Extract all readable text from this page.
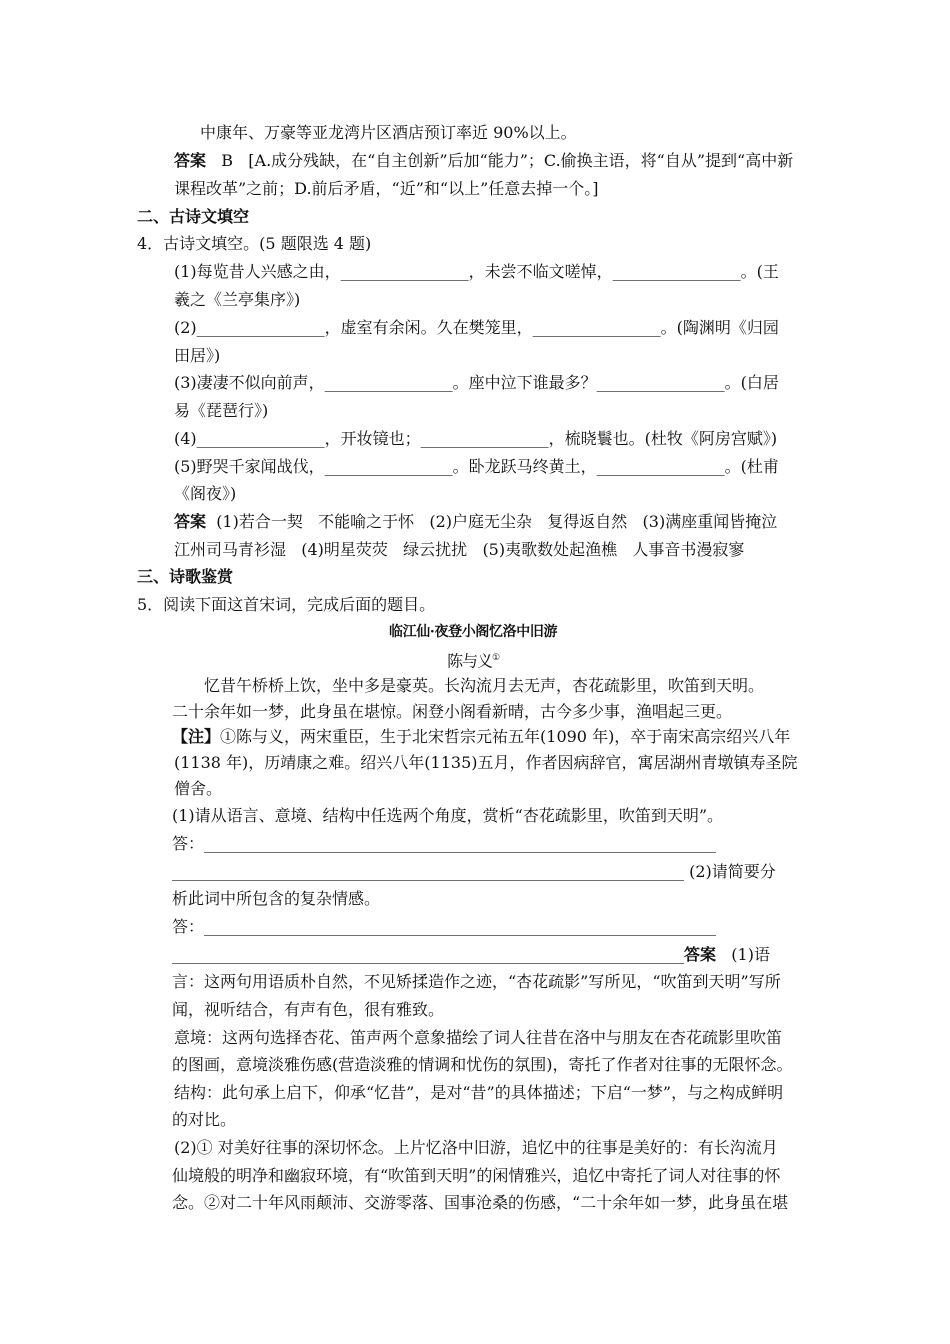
中康年、万豪等亚龙湾片区酒店预订率近 90%以上。
答案   B   [A.成分残缺，在“自主创新”后加“能力”；C.偷换主语，将“自从”提到“高中新
课程改革”之前；D.前后矛盾，“近”和“以上”任意去掉一个。]
二、古诗文填空
4．古诗文填空。(5 题限选 4 题)
(1)每览昔人兴感之由，________________，未尝不临文嗟悼，________________。(王
羲之《兰亭集序》)
(2)________________，虚室有余闲。久在樊笼里，________________。(陶渊明《归园
田居》)
(3)凄凄不似向前声，________________。座中泣下谁最多？________________。(白居
易《琵琶行》)
(4)________________，开妆镜也；________________，梳晓鬟也。(杜牧《阿房宫赋》)
(5)野哭千家闻战伐，________________。卧龙跃马终黄土，________________。(杜甫
《阁夜》)
答案  (1)若合一契   不能喻之于怀   (2)户庭无尘杂   复得返自然   (3)满座重闻皆掩泣
江州司马青衫湿   (4)明星荧荧   绿云扰扰   (5)夷歌数处起渔樵   人事音书漫寂寥
三、诗歌鉴赏
5．阅读下面这首宋词，完成后面的题目。
临江仙·夜登小阁忆洛中旧游
陈与义①
忆昔午桥桥上饮，坐中多是豪英。长沟流月去无声，杏花疏影里，吹笛到天明。
二十余年如一梦，此身虽在堪惊。闲登小阁看新晴，古今多少事，渔唱起三更。
【注】①陈与义，两宋重臣，生于北宋哲宗元祐五年(1090 年)，卒于南宋高宗绍兴八年
(1138 年)，历靖康之难。绍兴八年(1135)五月，作者因病辞官，寓居湖州青墩镇寿圣院
僧舍。
(1)请从语言、意境、结构中任选两个角度，赏析“杏花疏影里，吹笛到天明”。
答：________________________________________________________________
________________________________________________________________ (2)请简要分
析此词中所包含的复杂情感。
答：________________________________________________________________
________________________________________________________________答案   (1)语
言：这两句用语质朴自然，不见矫揉造作之迹，“杏花疏影”写所见，“吹笛到天明”写所
闻，视听结合，有声有色，很有雅致。
意境：这两句选择杏花、笛声两个意象描绘了词人往昔在洛中与朋友在杏花疏影里吹笛
的图画，意境淡雅伤感(营造淡雅的情调和忧伤的氛围)，寄托了作者对往事的无限怀念。
结构：此句承上启下，仰承“忆昔”，是对“昔”的具体描述；下启“一梦”，与之构成鲜明
的对比。
(2)① 对美好往事的深切怀念。上片忆洛中旧游，追忆中的往事是美好的：有长沟流月
仙境般的明净和幽寂环境，有“吹笛到天明”的闲情雅兴，追忆中寄托了词人对往事的怀
念。②对二十年风雨颠沛、交游零落、国事沧桑的伤感，“二十余年如一梦，此身虽在堪
